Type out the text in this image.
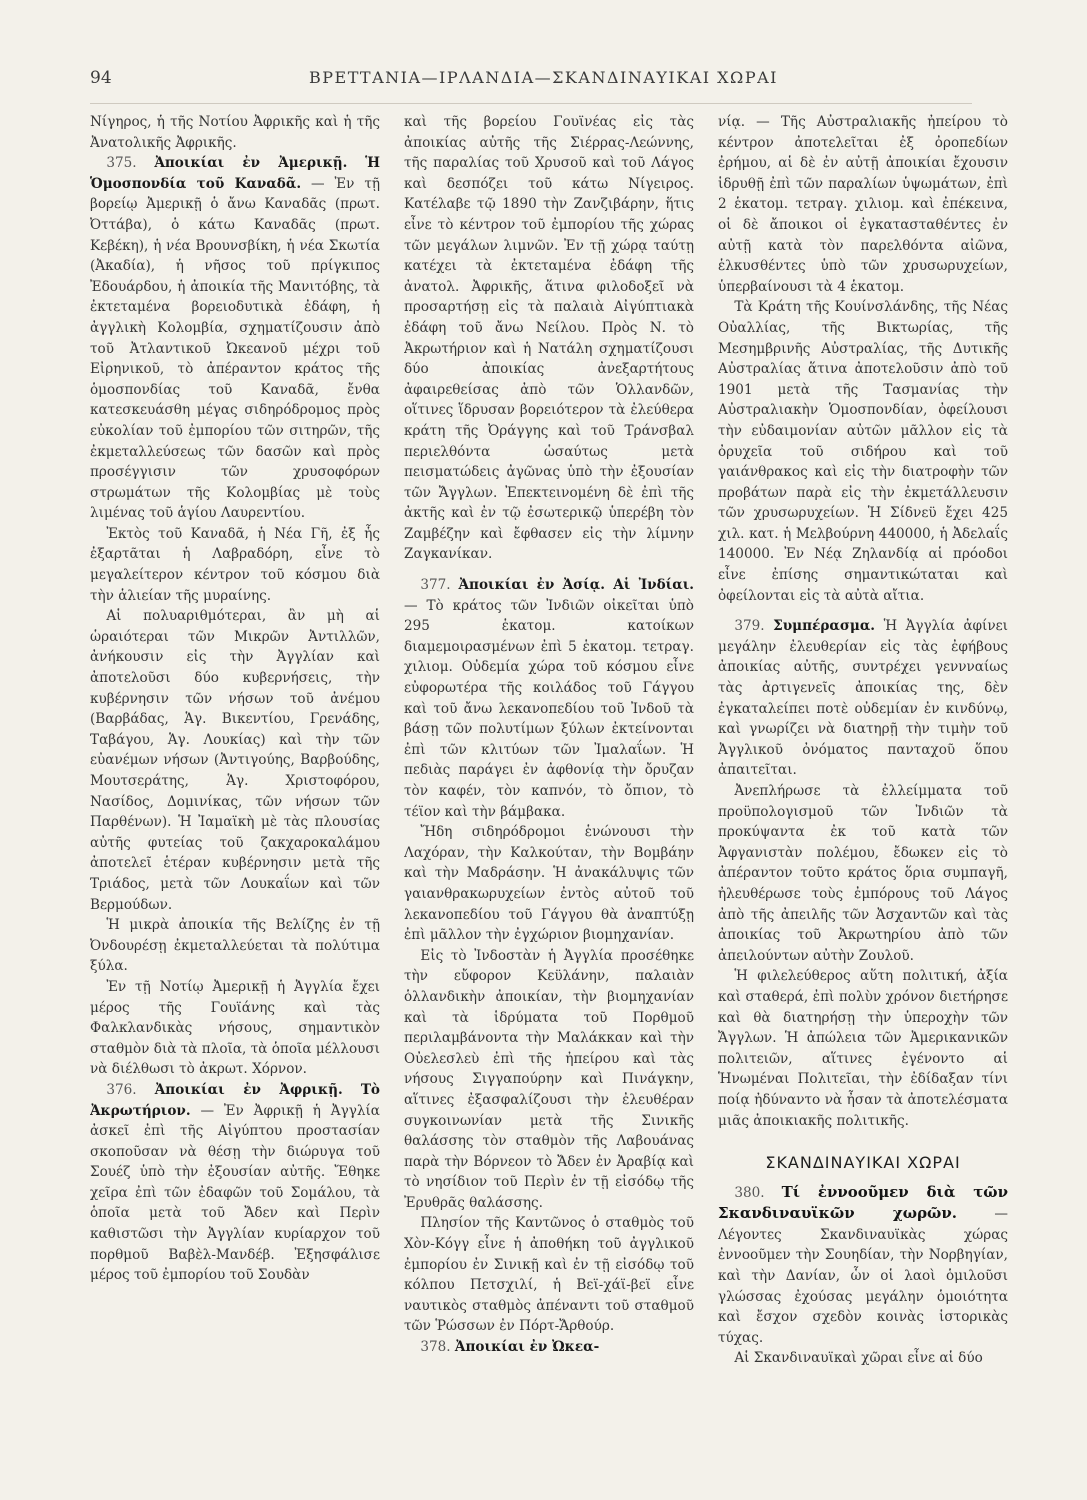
94	ΒΡΕΤΤΑΝΙΑ—ΙΡΛΑΝΔΙΑ—ΣΚΑΝΔΙΝΑΥΙΚΑΙ ΧΩΡΑΙ

Νίγηρος, ἡ τῆς Νοτίου Ἀφρικῆς καὶ ἡ τῆς Ἀνατολικῆς Ἀφρικῆς.

375. Ἀποικίαι ἐν Ἀμερικῇ. Ἡ Ὁμοσπονδία τοῦ Καναδᾶ. — Ἐν τῇ βορείῳ Ἀμερικῇ ὁ ἄνω Καναδᾶς (πρωτ. Ὀττάβα), ὁ κάτω Καναδᾶς (πρωτ. Κεβέκη), ἡ νέα Βρουνσβίκη, ἡ νέα Σκωτία (Ἀκαδία), ἡ νῆσος τοῦ πρίγκιπος Ἐδουάρδου, ἡ ἀποικία τῆς Μανιτόβης, τὰ ἐκτεταμένα βορειοδυτικὰ ἐδάφη, ἡ ἀγγλικὴ Κολομβία, σχηματίζουσιν ἀπὸ τοῦ Ἀτλαντικοῦ Ὠκεανοῦ μέχρι τοῦ Εἰρηνικοῦ, τὸ ἀπέραντον κράτος τῆς ὁμοσπονδίας τοῦ Καναδᾶ, ἔνθα κατεσκευάσθη μέγας σιδηρόδρομος πρὸς εὐκολίαν τοῦ ἐμπορίου τῶν σιτηρῶν, τῆς ἐκμεταλλεύσεως τῶν δασῶν καὶ πρὸς προσέγγισιν τῶν χρυσοφόρων στρωμάτων τῆς Κολομβίας μὲ τοὺς λιμένας τοῦ ἁγίου Λαυρεντίου.

Ἐκτὸς τοῦ Καναδᾶ, ἡ Νέα Γῆ, ἐξ ἧς ἐξαρτᾶται ἡ Λαβραδόρη, εἶνε τὸ μεγαλείτερον κέντρον τοῦ κόσμου διὰ τὴν ἁλιείαν τῆς μυραίνης.

Αἱ πολυαριθμότεραι, ἂν μὴ αἱ ὡραιότεραι τῶν Μικρῶν Ἀντιλλῶν, ἀνήκουσιν εἰς τὴν Ἀγγλίαν καὶ ἀποτελοῦσι δύο κυβερνήσεις, τὴν κυβέρνησιν τῶν νήσων τοῦ ἀνέμου (Βαρβάδας, Ἁγ. Βικεντίου, Γρενάδης, Ταβάγου, Ἁγ. Λουκίας) καὶ τὴν τῶν εὐανέμων νήσων (Ἀντιγούης, Βαρβούδης, Μουτσεράτης, Ἁγ. Χριστοφόρου, Νασίδος, Δομινίκας, τῶν νήσων τῶν Παρθένων). Ἡ Ἰαμαϊκὴ μὲ τὰς πλουσίας αὐτῆς φυτείας τοῦ ζακχαροκαλάμου ἀποτελεῖ ἑτέραν κυβέρνησιν μετὰ τῆς Τριάδος, μετὰ τῶν Λουκαΐων καὶ τῶν Βερμούδων.

Ἡ μικρὰ ἀποικία τῆς Βελίζης ἐν τῇ Ὀνδουρέσῃ ἐκμεταλλεύεται τὰ πολύτιμα ξύλα.

Ἐν τῇ Νοτίῳ Ἀμερικῇ ἡ Ἀγγλία ἔχει μέρος τῆς Γουϊάνης καὶ τὰς Φαλκλανδικὰς νήσους, σημαντικὸν σταθμὸν διὰ τὰ πλοῖα, τὰ ὁποῖα μέλλουσι νὰ διέλθωσι τὸ ἀκρωτ. Χόρνον.

376. Ἀποικίαι ἐν Ἀφρικῇ. Τὸ Ἀκρωτήριον. — Ἐν Ἀφρικῇ ἡ Ἀγγλία ἀσκεῖ ἐπὶ τῆς Αἰγύπτου προστασίαν σκοποῦσαν νὰ θέσῃ τὴν διώρυγα τοῦ Σουέζ ὑπὸ τὴν ἐξουσίαν αὐτῆς. Ἔθηκε χεῖρα ἐπὶ τῶν ἐδαφῶν τοῦ Σομάλου, τὰ ὁποῖα μετὰ τοῦ Ἄδεν καὶ Περὶν καθιστῶσι τὴν Ἀγγλίαν κυρίαρχον τοῦ πορθμοῦ Βαβὲλ-Μανδέβ. Ἐξησφάλισε μέρος τοῦ ἐμπορίου τοῦ Σουδὰν

καὶ τῆς βορείου Γουϊνέας εἰς τὰς ἀποικίας αὐτῆς τῆς Σιέρρας-Λεώννης, τῆς παραλίας τοῦ Χρυσοῦ καὶ τοῦ Λάγος καὶ δεσπόζει τοῦ κάτω Νίγειρος. Κατέλαβε τῷ 1890 τὴν Ζανζιβάρην, ἥτις εἶνε τὸ κέντρον τοῦ ἐμπορίου τῆς χώρας τῶν μεγάλων λιμνῶν. Ἐν τῇ χώρᾳ ταύτῃ κατέχει τὰ ἐκτεταμένα ἐδάφη τῆς ἀνατολ. Ἀφρικῆς, ἅτινα φιλοδοξεῖ νὰ προσαρτήσῃ εἰς τὰ παλαιὰ Αἰγύπτιακὰ ἐδάφη τοῦ ἄνω Νείλου. Πρὸς Ν. τὸ Ἀκρωτήριον καὶ ἡ Νατάλη σχηματίζουσι δύο ἀποικίας ἀνεξαρτήτους ἀφαιρεθείσας ἀπὸ τῶν Ὁλλανδῶν, οἵτινες ἵδρυσαν βορειότερον τὰ ἐλεύθερα κράτη τῆς Ὀράγγης καὶ τοῦ Τράνσβαλ περιελθόντα ὡσαύτως μετὰ πεισματώδεις ἀγῶνας ὑπὸ τὴν ἐξουσίαν τῶν Ἄγγλων. Ἐπεκτεινομένη δὲ ἐπὶ τῆς ἀκτῆς καὶ ἐν τῷ ἐσωτερικῷ ὑπερέβη τὸν Ζαμβέζην καὶ ἔφθασεν εἰς τὴν λίμνην Ζαγκανίκαν.

377. Ἀποικίαι ἐν Ἀσίᾳ. Αἱ Ἰνδίαι. — Τὸ κράτος τῶν Ἰνδιῶν οἰκεῖται ὑπὸ 295 ἑκατομ. κατοίκων διαμεμοιρασμένων ἐπὶ 5 ἑκατομ. τετραγ. χιλιομ. Οὐδεμία χώρα τοῦ κόσμου εἶνε εὐφορωτέρα τῆς κοιλάδος τοῦ Γάγγου καὶ τοῦ ἄνω λεκανοπεδίου τοῦ Ἰνδοῦ τὰ βάσῃ τῶν πολυτίμων ξύλων ἐκτείνονται ἐπὶ τῶν κλιτύων τῶν Ἰμαλαΐων. Ἡ πεδιὰς παράγει ἐν ἀφθονίᾳ τὴν ὄρυζαν τὸν καφέν, τὸν καπνόν, τὸ ὄπιον, τὸ τέϊον καὶ τὴν βάμβακα.

Ἤδη σιδηρόδρομοι ἑνώνουσι τὴν Λαχόραν, τὴν Καλκούταν, τὴν Βομβάην καὶ τὴν Μαδράσην. Ἡ ἀνακάλυψις τῶν γαιανθρακωρυχείων ἐντὸς αὐτοῦ τοῦ λεκανοπεδίου τοῦ Γάγγου θὰ ἀναπτύξῃ ἐπὶ μᾶλλον τὴν ἐγχώριον βιομηχανίαν.

Εἰς τὸ Ἰνδοστὰν ἡ Ἀγγλία προσέθηκε τὴν εὔφορον Κεϋλάνην, παλαιὰν ὁλλανδικὴν ἀποικίαν, τὴν βιομηχανίαν καὶ τὰ ἱδρύματα τοῦ Πορθμοῦ περιλαμβάνοντα τὴν Μαλάκκαν καὶ τὴν Οὐελεσλεὺ ἐπὶ τῆς ἠπείρου καὶ τὰς νήσους Σιγγαπούρην καὶ Πινάγκην, αἵτινες ἐξασφαλίζουσι τὴν ἐλευθέραν συγκοινωνίαν μετὰ τῆς Σινικῆς θαλάσσης τὸν σταθμὸν τῆς Λαβουάνας παρὰ τὴν Βόρνεον τὸ Ἄδεν ἐν Ἀραβίᾳ καὶ τὸ νησίδιον τοῦ Περὶν ἐν τῇ εἰσόδῳ τῆς Ἐρυθρᾶς θαλάσσης.

Πλησίον τῆς Καντῶνος ὁ σταθμὸς τοῦ Χὸν-Κόγγ εἶνε ἡ ἀποθήκη τοῦ ἀγγλικοῦ ἐμπορίου ἐν Σινικῇ καὶ ἐν τῇ εἰσόδῳ τοῦ κόλπου Πετσχιλί, ἡ Βεϊ-χάϊ-βεϊ εἶνε ναυτικὸς σταθμὸς ἀπέναντι τοῦ σταθμοῦ τῶν Ῥώσσων ἐν Πόρτ-Ἄρθούρ.

378. Ἀποικίαι ἐν Ὠκεα-

νίᾳ. — Τῆς Αὐστραλιακῆς ἠπείρου τὸ κέντρον ἀποτελεῖται ἐξ ὀροπεδίων ἐρήμου, αἱ δὲ ἐν αὐτῇ ἀποικίαι ἔχουσιν ἱδρυθῇ ἐπὶ τῶν παραλίων ὑψωμάτων, ἐπὶ 2 ἑκατομ. τετραγ. χιλιομ. καὶ ἐπέκεινα, οἱ δὲ ἄποικοι οἱ ἐγκατασταθέντες ἐν αὐτῇ κατὰ τὸν παρελθόντα αἰῶνα, ἑλκυσθέντες ὑπὸ τῶν χρυσωρυχείων, ὑπερβαίνουσι τὰ 4 ἑκατομ.

Τὰ Κράτη τῆς Κουίνσλάνδης, τῆς Νέας Οὐαλλίας, τῆς Βικτωρίας, τῆς Μεσημβρινῆς Αὐστραλίας, τῆς Δυτικῆς Αὐστραλίας ἅτινα ἀποτελοῦσιν ἀπὸ τοῦ 1901 μετὰ τῆς Τασμανίας τὴν Αὐστραλιακὴν Ὁμοσπονδίαν, ὀφείλουσι τὴν εὐδαιμονίαν αὐτῶν μᾶλλον εἰς τὰ ὀρυχεῖα τοῦ σιδήρου καὶ τοῦ γαιάνθρακος καὶ εἰς τὴν διατροφὴν τῶν προβάτων παρὰ εἰς τὴν ἐκμετάλλευσιν τῶν χρυσωρυχείων. Ἡ Σίδνεϋ ἔχει 425 χιλ. κατ. ἡ Μελβούρνη 440000, ἡ Ἀδελαΐς 140000. Ἐν Νέᾳ Ζηλανδίᾳ αἱ πρόοδοι εἶνε ἐπίσης σημαντικώταται καὶ ὀφείλονται εἰς τὰ αὐτὰ αἴτια.

379. Συμπέρασμα. Ἡ Ἀγγλία ἀφίνει μεγάλην ἐλευθερίαν εἰς τὰς ἐφήβους ἀποικίας αὐτῆς, συντρέχει γεννναίως τὰς ἀρτιγενεῖς ἀποικίας της, δὲν ἐγκαταλείπει ποτὲ οὐδεμίαν ἐν κινδύνῳ, καὶ γνωρίζει νὰ διατηρῇ τὴν τιμὴν τοῦ Ἀγγλικοῦ ὀνόματος πανταχοῦ ὅπου ἀπαιτεῖται.

Ἀνεπλήρωσε τὰ ἐλλείμματα τοῦ προϋπολογισμοῦ τῶν Ἰνδιῶν τὰ προκύψαντα ἐκ τοῦ κατὰ τῶν Ἀφγανιστὰν πολέμου, ἔδωκεν εἰς τὸ ἀπέραντον τοῦτο κράτος ὅρια συμπαγῆ, ἠλευθέρωσε τοὺς ἐμπόρους τοῦ Λάγος ἀπὸ τῆς ἀπειλῆς τῶν Ἀσχαντῶν καὶ τὰς ἀποικίας τοῦ Ἀκρωτηρίου ἀπὸ τῶν ἀπειλούντων αὐτὴν Ζουλοῦ.

Ἡ φιλελεύθερος αὕτη πολιτική, ἀξία καὶ σταθερά, ἐπὶ πολὺν χρόνον διετήρησε καὶ θὰ διατηρήσῃ τὴν ὑπεροχὴν τῶν Ἄγγλων. Ἡ ἀπώλεια τῶν Ἀμερικανικῶν πολιτειῶν, αἵτινες ἐγένοντο αἱ Ἡνωμέναι Πολιτεῖαι, τὴν ἐδίδαξαν τίνι ποίᾳ ἠδύναντο νὰ ἦσαν τὰ ἀποτελέσματα μιᾶς ἀποικιακῆς πολιτικῆς.

ΣΚΑΝΔΙΝΑΥΙΚΑΙ ΧΩΡΑΙ

380. Τί ἐννοοῦμεν διὰ τῶν Σκανδιναυϊκῶν χωρῶν.	— Λέγοντες Σκανδιναυϊκὰς χώρας ἐννοοῦμεν τὴν Σουηδίαν, τὴν Νορβηγίαν, καὶ τὴν Δανίαν, ὧν οἱ λαοὶ ὁμιλοῦσι γλώσσας ἐχούσας μεγάλην ὁμοιότητα καὶ ἔσχον σχεδὸν κοινὰς ἱστορικὰς τύχας.

Αἱ Σκανδιναυϊκαὶ χῶραι εἶνε αἱ δύο
